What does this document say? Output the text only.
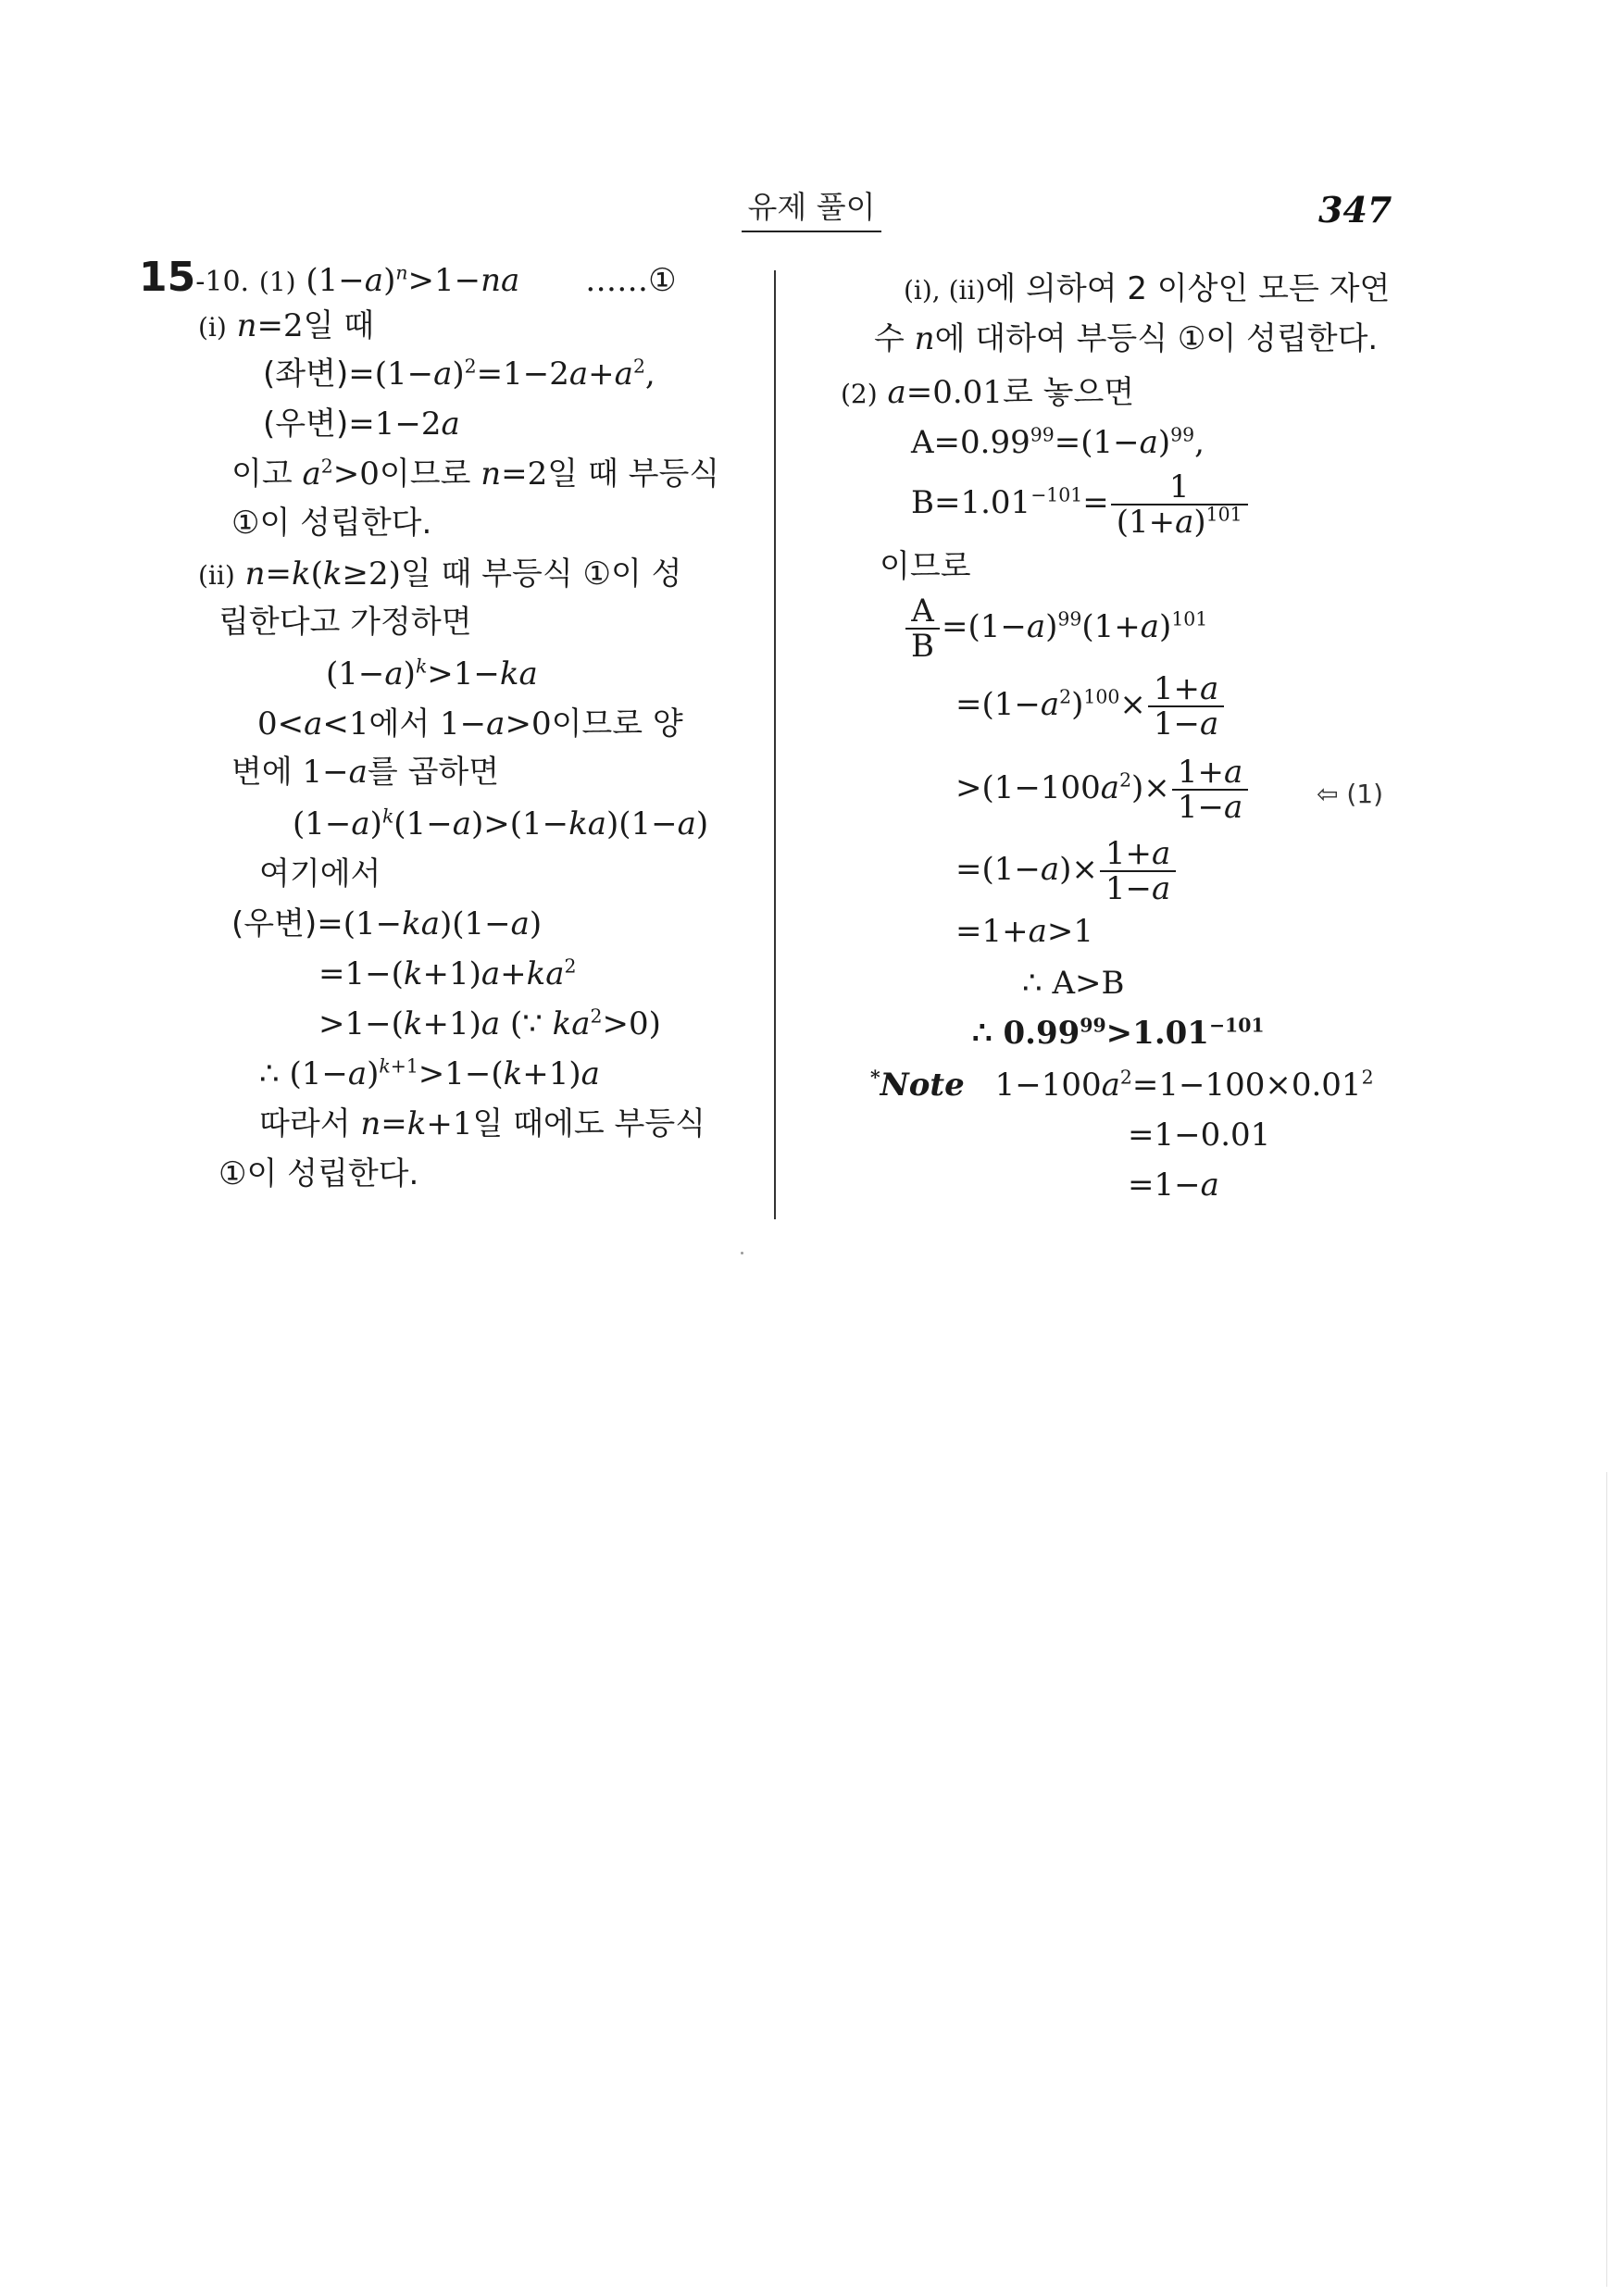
유제 풀이	347
15-10. (1) $(1-a)^n>1-na$ ……①
(i) n=2일 때
(좌변)$=(1-a)^2=1-2a+a^2$,
(우변)=1−2a
이고 $a^2>0$이므로 n=2일 때 부등식
①이 성립한다.
(ii) n=k(k≥2)일 때 부등식 ①이 성
립한다고 가정하면
$(1-a)^k>1-ka$
0<a<1에서 1−a>0이므로 양
변에 1−a를 곱하면
$(1-a)^k(1-a)>(1-ka)(1-a)$
여기에서
(우변)=(1−ka)(1−a)
$=1-(k+1)a+ka^2$
>1−(k+1)a (∵ $ka^2>0$)
∴ $(1-a)^{k+1}>1-(k+1)a$
따라서 n=k+1일 때에도 부등식
①이 성립한다.
(i), (ii)에 의하여 2 이상인 모든 자연
수 n에 대하여 부등식 ①이 성립한다.
(2) a=0.01로 놓으면
$A=0.99^{99}=(1-a)^{99}$,
$B=1.01^{-101}= \frac{1}{(1+a)^{101}}$
이므로
$\frac{A}{B} =(1-a)^{99}(1+a)^{101}$
$=(1-a^2)^{100}\times \frac{1+a}{1-a}$
$>(1-100a^2)\times \frac{1+a}{1-a}$	⇦ (1)
$=(1-a)\times \frac{1+a}{1-a}$
=1+a>1
∴ A>B
∴ $0.99^{99}>1.01^{-101}$
*Note $1-100a^2=1-100\times 0.01^2$
=1−0.01
=1−a
